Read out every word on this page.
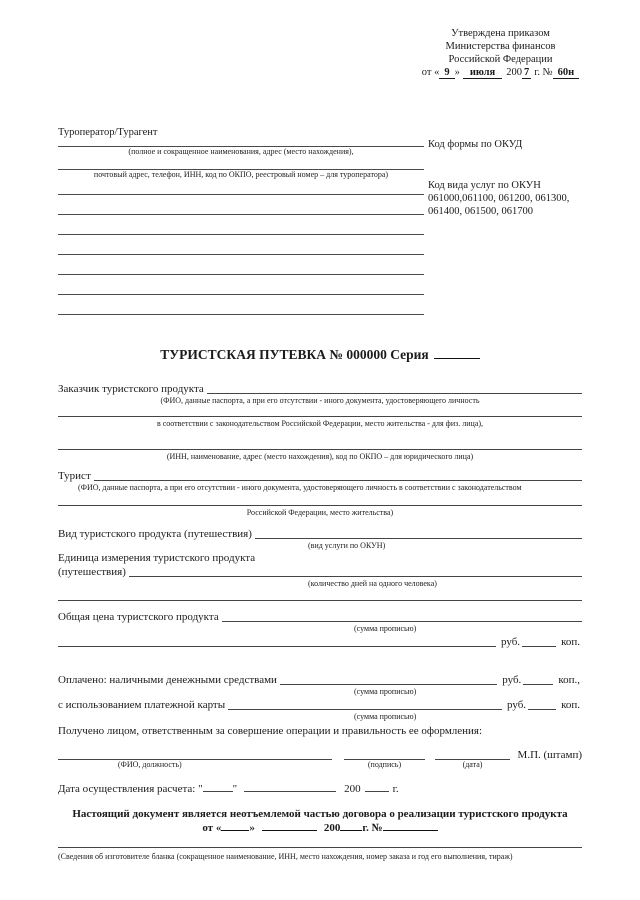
Утверждена приказом
Министерства финансов
Российской Федерации
от « 9 » июля 200 7 г. № 60н
Туроператор/Турагент
(полное и сокращенное наименования, адрес (место нахождения),
почтовый адрес, телефон, ИНН, код по ОКПО, реестровый номер – для туроператора)
Код формы по ОКУД
Код вида услуг по ОКУН
061000,061100, 061200, 061300,
061400, 061500, 061700
ТУРИСТСКАЯ ПУТЕВКА № 000000 Серия
Заказчик туристского продукта
(ФИО, данные паспорта, а при его отсутствии - иного документа, удостоверяющего личность
в соответствии с законодательством Российской Федерации, место жительства - для физ. лица),
(ИНН, наименование, адрес (место нахождения), код по ОКПО – для юридического лица)
Турист
(ФИО, данные паспорта, а при его отсутствии - иного документа, удостоверяющего личность в соответствии с законодательством
Российской Федерации, место жительства)
Вид туристского продукта (путешествия)
(вид услуги по ОКУН)
Единица измерения туристского продукта
(путешествия)
(количество дней на одного человека)
Общая цена туристского продукта
(сумма прописью)
руб.	коп.
Оплачено: наличными денежными средствами	руб.	коп.,
(сумма прописью)
с использованием платежной карты	руб.	коп.
(сумма прописью)
Получено лицом, ответственным за совершение операции и правильность ее оформления:
(ФИО, должность)	(подпись)	(дата)
М.П. (штамп)
Дата осуществления расчета: "	"	200	г.
Настоящий документ является неотъемлемой частью договора о реализации туристского продукта
от «	»	200 г. №
(Сведения об изготовителе бланка (сокращенное наименование, ИНН, место нахождения, номер заказа и год его выполнения, тираж)
